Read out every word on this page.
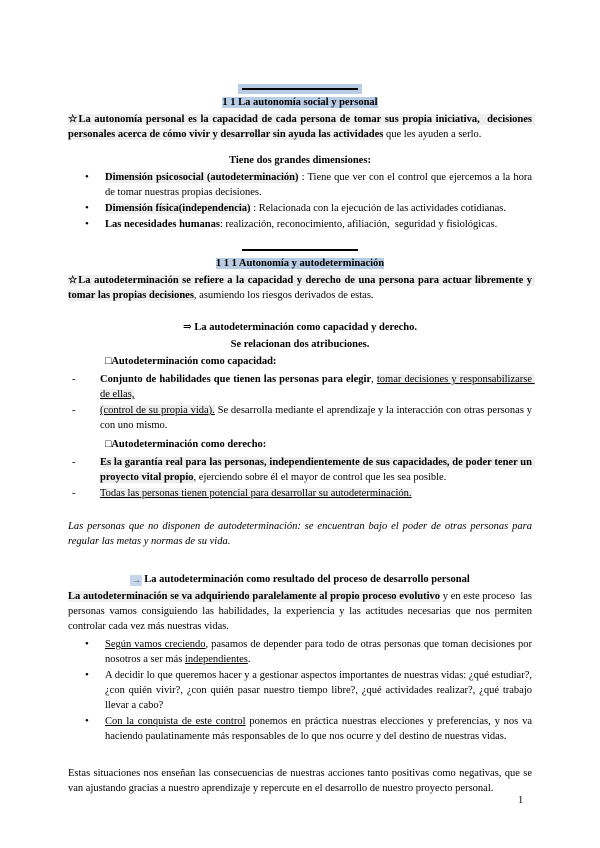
1 1 La autonomía social y personal

☆La autonomía personal es la capacidad de cada persona de tomar sus propia iniciativa,  decisiones personales acerca de cómo vivir y desarrollar sin ayuda las actividades que les ayuden a serlo.

Tiene dos grandes dimensiones:

• Dimensión psicosocial (autodeterminación) : Tiene que ver con el control que ejercemos a la hora de tomar nuestras propias decisiones.
• Dimensión física(independencia) : Relacionada con la ejecución de las actividades cotidianas.
• Las necesidades humanas: realización, reconocimiento, afiliación,  seguridad y fisiológicas.

1 1 1 Autonomía y autodeterminación

☆La autodeterminación se refiere a la capacidad y derecho de una persona para actuar libremente y tomar las propias decisiones, asumiendo los riesgos derivados de estas.

⇒ La autodeterminación como capacidad y derecho.

Se relacionan dos atribuciones.

□Autodeterminación como capacidad:

- Conjunto de habilidades que tienen las personas para elegir, tomar decisiones y responsabilizarse de ellas,
- (control de su propia vida). Se desarrolla mediante el aprendizaje y la interacción con otras personas y con uno mismo.

□Autodeterminación como derecho:

- Es la garantía real para las personas, independientemente de sus capacidades, de poder tener un proyecto vital propio, ejerciendo sobre él el mayor de control que les sea posible.
- Todas las personas tienen potencial para desarrollar su autodeterminación.

Las personas que no disponen de autodeterminación: se encuentran bajo el poder de otras personas para regular las metas y normas de su vida.

→ La autodeterminación como resultado del proceso de desarrollo personal

La autodeterminación se va adquiriendo paralelamente al propio proceso evolutivo y en este proceso  las personas vamos consiguiendo las habilidades, la experiencia y las actitudes necesarias que nos permiten controlar cada vez más nuestras vidas.

• Según vamos creciendo, pasamos de depender para todo de otras personas que toman decisiones por nosotros a ser más independientes.
• A decidir lo que queremos hacer y a gestionar aspectos importantes de nuestras vidas: ¿qué estudiar?, ¿con quién vivir?, ¿con quién pasar nuestro tiempo libre?, ¿qué actividades realizar?, ¿qué trabajo llevar a cabo?
• Con la conquista de este control ponemos en práctica nuestras elecciones y preferencias, y nos va haciendo paulatinamente más responsables de lo que nos ocurre y del destino de nuestras vidas.

Estas situaciones nos enseñan las consecuencias de nuestras acciones tanto positivas como negativas, que se van ajustando gracias a nuestro aprendizaje y repercute en el desarrollo de nuestro proyecto personal.

1
